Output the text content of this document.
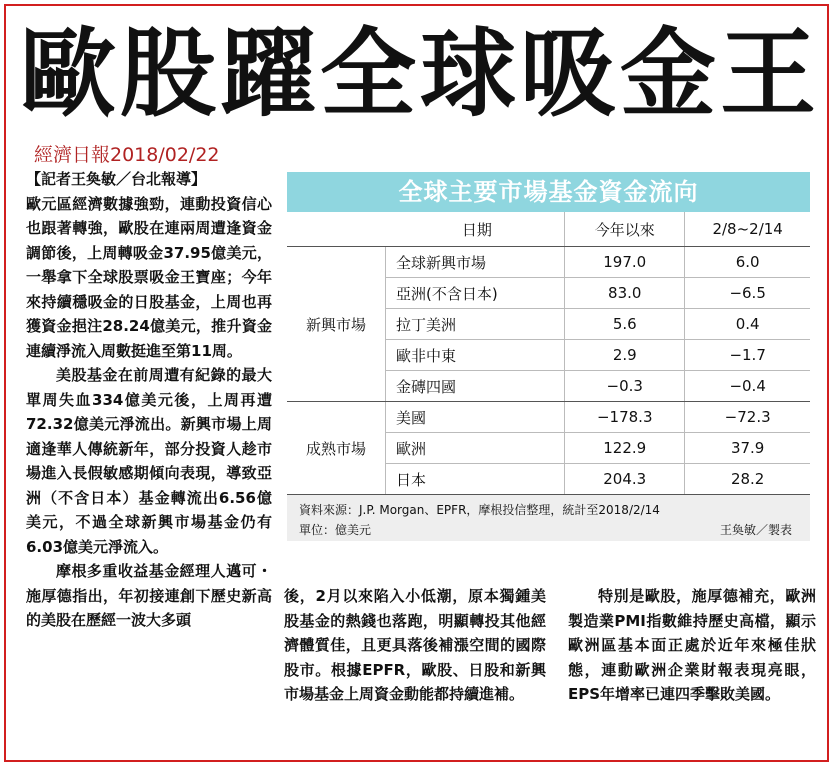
歐股躍全球吸金王
經濟日報2018/02/22

【記者王奐敏／台北報導】

歐元區經濟數據強勁，連動投資信心也跟著轉強，歐股在連兩周遭逢資金調節後，上周轉吸金37.95億美元，一舉拿下全球股票吸金王寶座；今年來持續穩吸金的日股基金，上周也再獲資金挹注28.24億美元，推升資金連續淨流入周數挺進至第11周。

美股基金在前周遭有紀錄的最大單周失血334億美元後，上周再遭72.32億美元淨流出。新興市場上周適逢華人傳統新年，部分投資人趁市場進入長假敏感期傾向表現，導致亞洲（不含日本）基金轉流出6.56億美元，不過全球新興市場基金仍有6.03億美元淨流入。

摩根多重收益基金經理人邁可・施厚德指出，年初接連創下歷史新高的美股在歷經一波大多頭

後，2月以來陷入小低潮，原本獨鍾美股基金的熱錢也落跑，明顯轉投其他經濟體質佳，且更具落後補漲空間的國際股市。根據EPFR，歐股、日股和新興市場基金上周資金動能都持續進補。

特別是歐股，施厚德補充，歐洲製造業PMI指數維持歷史高檔，顯示歐洲區基本面正處於近年來極佳狀態，連動歐洲企業財報表現亮眼，EPS年增率已連四季擊敗美國。

全球主要市場基金資金流向
	日期	今年以來	2/8~2/14
新興市場	全球新興市場	197.0	6.0
	亞洲(不含日本)	83.0	−6.5
	拉丁美洲	5.6	0.4
	歐非中東	2.9	−1.7
	金磚四國	−0.3	−0.4
成熟市場	美國	−178.3	−72.3
	歐洲	122.9	37.9
	日本	204.3	28.2
資料來源：J.P. Morgan、EPFR，摩根投信整理，統計至2018/2/14
單位：億美元	王奐敏／製表
